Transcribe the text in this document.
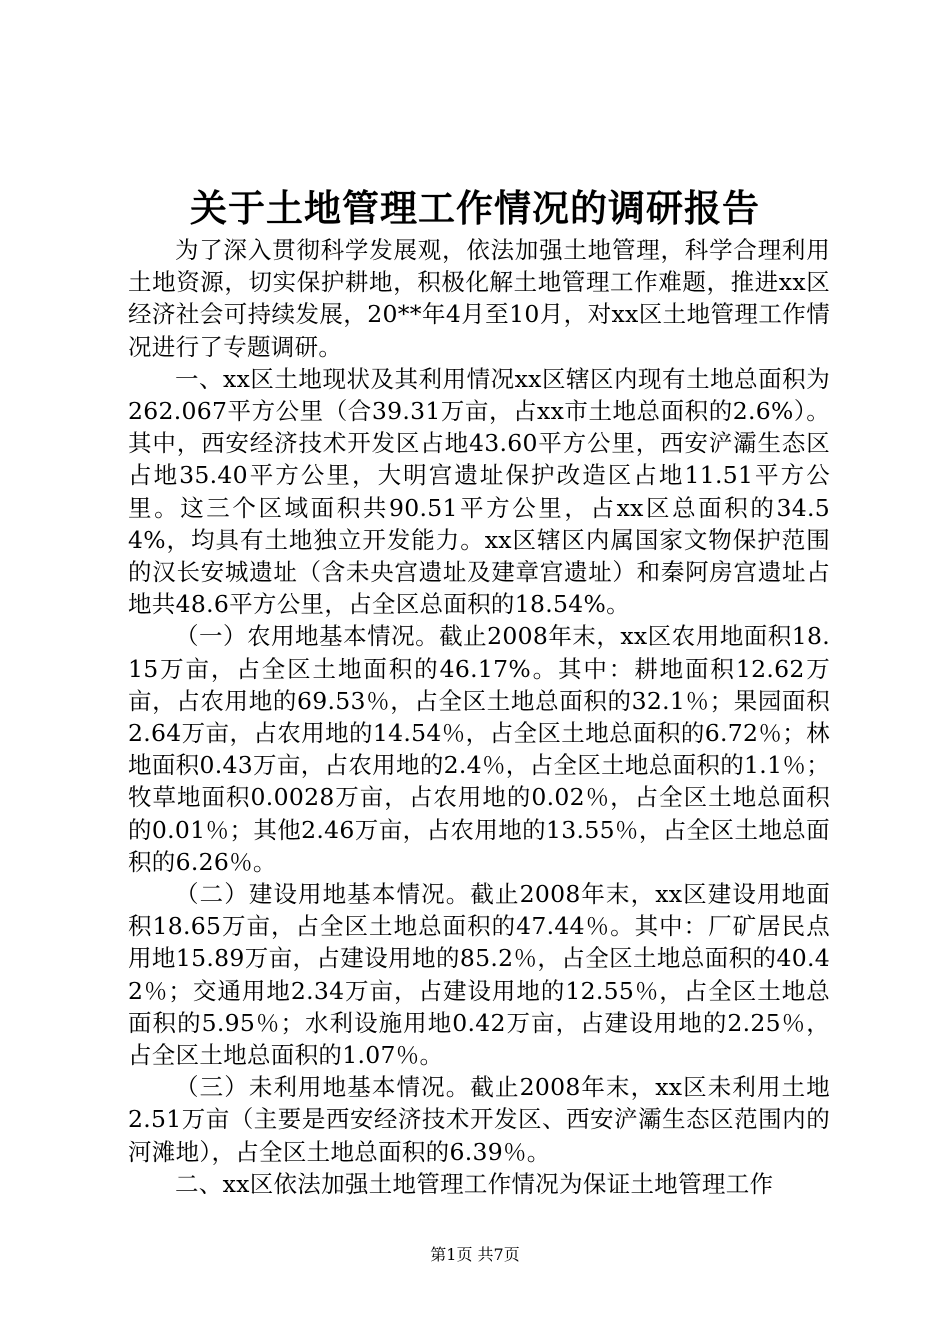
关于土地管理工作情况的调研报告

为了深入贯彻科学发展观，依法加强土地管理，科学合理利用土地资源，切实保护耕地，积极化解土地管理工作难题，推进xx区经济社会可持续发展，20**年4月至10月，对xx区土地管理工作情况进行了专题调研。

一、xx区土地现状及其利用情况xx区辖区内现有土地总面积为262.067平方公里（合39.31万亩，占xx市土地总面积的2.6%）。其中，西安经济技术开发区占地43.60平方公里，西安浐灞生态区占地35.40平方公里，大明宫遗址保护改造区占地11.51平方公里。这三个区域面积共90.51平方公里，占xx区总面积的34.54%，均具有土地独立开发能力。xx区辖区内属国家文物保护范围的汉长安城遗址（含未央宫遗址及建章宫遗址）和秦阿房宫遗址占地共48.6平方公里，占全区总面积的18.54%。

（一）农用地基本情况。截止2008年末，xx区农用地面积18.15万亩，占全区土地面积的46.17%。其中：耕地面积12.62万亩，占农用地的69.53％，占全区土地总面积的32.1％；果园面积2.64万亩，占农用地的14.54％，占全区土地总面积的6.72％；林地面积0.43万亩，占农用地的2.4％，占全区土地总面积的1.1％；牧草地面积0.0028万亩，占农用地的0.02％，占全区土地总面积的0.01％；其他2.46万亩，占农用地的13.55％，占全区土地总面积的6.26％。

（二）建设用地基本情况。截止2008年末，xx区建设用地面积18.65万亩，占全区土地总面积的47.44％。其中：厂矿居民点用地15.89万亩，占建设用地的85.2％，占全区土地总面积的40.42％；交通用地2.34万亩，占建设用地的12.55％，占全区土地总面积的5.95％；水利设施用地0.42万亩，占建设用地的2.25％，占全区土地总面积的1.07％。

（三）未利用地基本情况。截止2008年末，xx区未利用土地2.51万亩（主要是西安经济技术开发区、西安浐灞生态区范围内的河滩地），占全区土地总面积的6.39％。

二、xx区依法加强土地管理工作情况为保证土地管理工作

第1页 共7页
